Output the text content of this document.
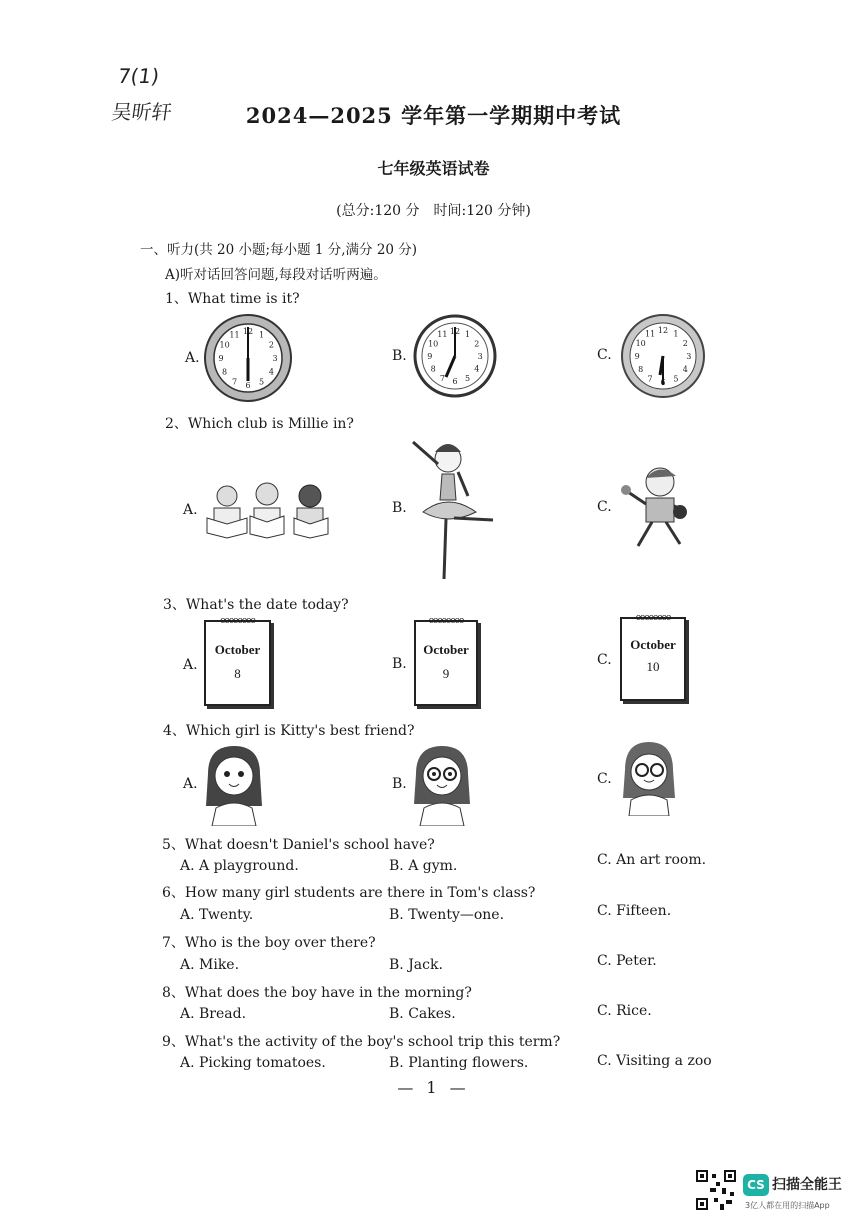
7(1)
吴昕轩	2024—2025 学年第一学期期中考试
七年级英语试卷
(总分:120 分　时间:120 分钟)
一、听力(共 20 小题;每小题 1 分,满分 20 分)
A)听对话回答问题,每段对话听两遍。
1、What time is it?
A.	B.	C.
1
2
3
4
5
6
7
8
9
10
11 12	1
2
3
4
5
6
7
8
9
10
11 12	1
2
3
4
5
6
7
8
9
10
11 12
2、Which club is Millie in?
A.	B.	C.
3、What's the date today?
A.	B.	C.
eeeeeeee
October
8
eeeeeeee
October
9
eeeeeeee
October
10
4、Which girl is Kitty's best friend?
A.	B.	C.
5、What doesn't Daniel's school have?
A. A playground.	B. A gym.	C. An art room.
6、How many girl students are there in Tom's class?
A. Twenty.	B. Twenty—one.	C. Fifteen.
7、Who is the boy over there?
A. Mike.	B. Jack.	C. Peter.
8、What does the boy have in the morning?
A. Bread.	B. Cakes.	C. Rice.
9、What's the activity of the boy's school trip this term?
A. Picking tomatoes.	B. Planting flowers.	C. Visiting a zoo
— 1 —
CS 扫描全能王
3亿人都在用的扫描App
